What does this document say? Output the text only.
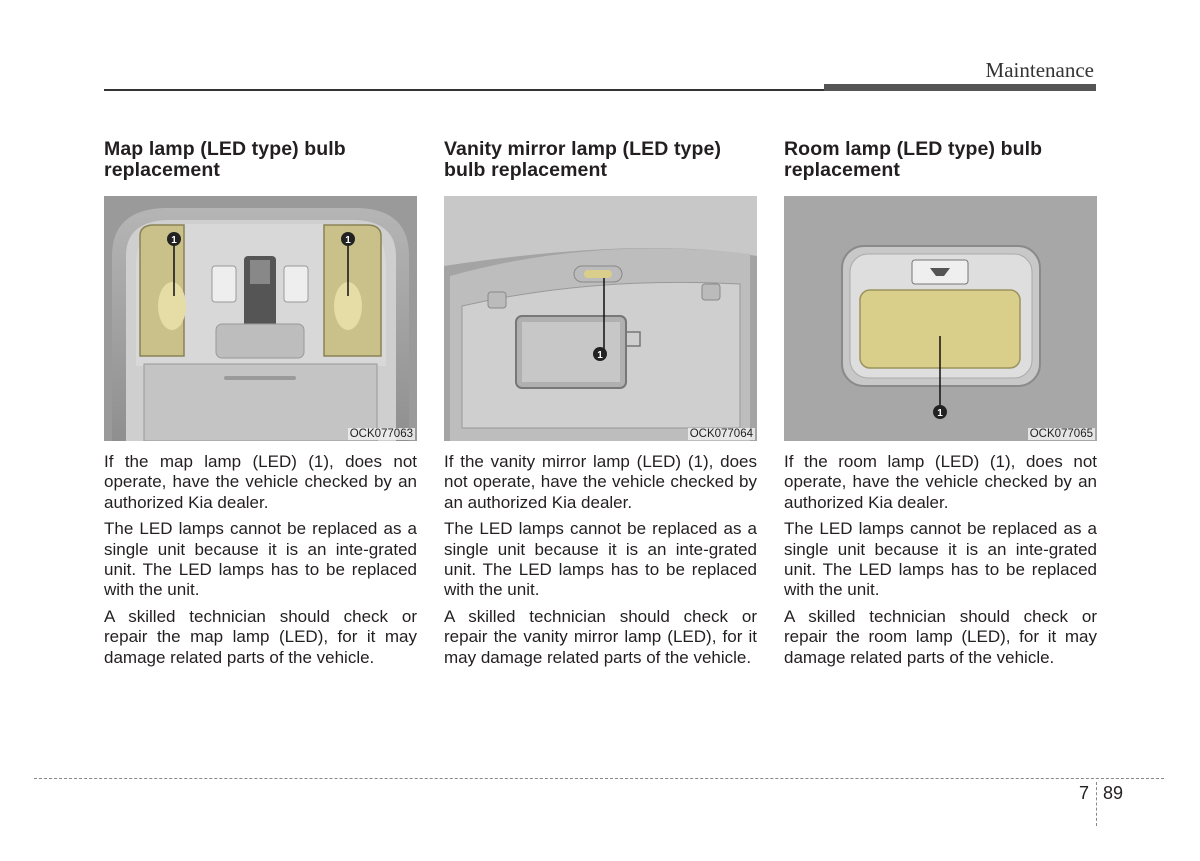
Maintenance
Map lamp (LED type) bulb replacement
1	1
OCK077063

If the map lamp (LED) (1), does not operate, have the vehicle checked by an authorized Kia dealer.

The LED lamps cannot be replaced as a single unit because it is an inte-grated unit. The LED lamps has to be replaced with the unit.

A skilled technician should check or repair the map lamp (LED), for it may damage related parts of the vehicle.

Vanity mirror lamp (LED type) bulb replacement
1
OCK077064

If the vanity mirror lamp (LED) (1), does not operate, have the vehicle checked by an authorized Kia dealer.

The LED lamps cannot be replaced as a single unit because it is an inte-grated unit. The LED lamps has to be replaced with the unit.

A skilled technician should check or repair the vanity mirror lamp (LED), for it may damage related parts of the vehicle.

Room lamp (LED type) bulb replacement
1
OCK077065

If the room lamp (LED) (1), does not operate, have the vehicle checked by an authorized Kia dealer.

The LED lamps cannot be replaced as a single unit because it is an inte-grated unit. The LED lamps has to be replaced with the unit.

A skilled technician should check or repair the room lamp (LED), for it may damage related parts of the vehicle.

7 89
